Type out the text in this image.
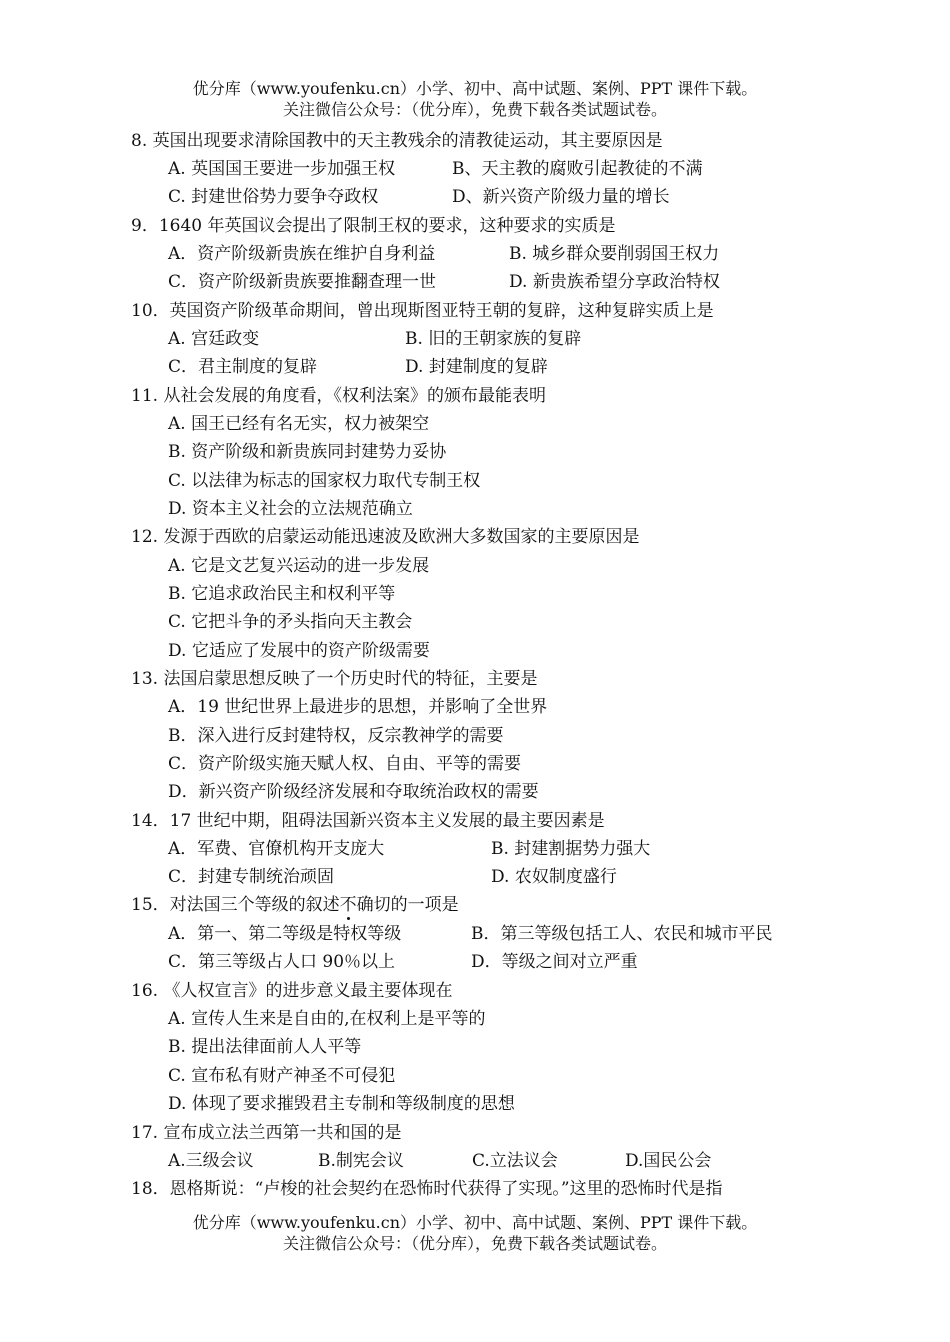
优分库（www.youfenku.cn）小学、初中、高中试题、案例、PPT 课件下载。
关注微信公众号：（优分库），免费下载各类试题试卷。
8. 英国出现要求清除国教中的天主教残余的清教徒运动，其主要原因是
A. 英国国王要进一步加强王权	B、天主教的腐败引起教徒的不满
C. 封建世俗势力要争夺政权	D、新兴资产阶级力量的增长
9．1640 年英国议会提出了限制王权的要求，这种要求的实质是
A．资产阶级新贵族在维护自身利益	B. 城乡群众要削弱国王权力
C．资产阶级新贵族要推翻查理一世	D. 新贵族希望分享政治特权
10．英国资产阶级革命期间，曾出现斯图亚特王朝的复辟，这种复辟实质上是
A. 宫廷政变	B. 旧的王朝家族的复辟
C．君主制度的复辟	D. 封建制度的复辟
11. 从社会发展的角度看，《权利法案》的颁布最能表明
A. 国王已经有名无实，权力被架空
B. 资产阶级和新贵族同封建势力妥协
C. 以法律为标志的国家权力取代专制王权
D. 资本主义社会的立法规范确立
12. 发源于西欧的启蒙运动能迅速波及欧洲大多数国家的主要原因是
A. 它是文艺复兴运动的进一步发展
B. 它追求政治民主和权利平等
C. 它把斗争的矛头指向天主教会
D. 它适应了发展中的资产阶级需要
13. 法国启蒙思想反映了一个历史时代的特征，主要是
A．19 世纪世界上最进步的思想，并影响了全世界
B．深入进行反封建特权，反宗教神学的需要
C．资产阶级实施天赋人权、自由、平等的需要
D．新兴资产阶级经济发展和夺取统治政权的需要
14．17 世纪中期，阻碍法国新兴资本主义发展的最主要因素是
A．军费、官僚机构开支庞大	B. 封建割据势力强大
C．封建专制统治顽固	D. 农奴制度盛行
15．对法国三个等级的叙述不确切的一项是
A．第一、第二等级是特权等级	B．第三等级包括工人、农民和城市平民
C．第三等级占人口 90％以上	D．等级之间对立严重
16. 《人权宣言》的进步意义最主要体现在
A. 宣传人生来是自由的,在权利上是平等的
B. 提出法律面前人人平等
C. 宣布私有财产神圣不可侵犯
D. 体现了要求摧毁君主专制和等级制度的思想
17. 宣布成立法兰西第一共和国的是
A.三级会议	B.制宪会议	C.立法议会	D.国民公会
18．恩格斯说：“卢梭的社会契约在恐怖时代获得了实现。”这里的恐怖时代是指
优分库（www.youfenku.cn）小学、初中、高中试题、案例、PPT 课件下载。
关注微信公众号：（优分库），免费下载各类试题试卷。
